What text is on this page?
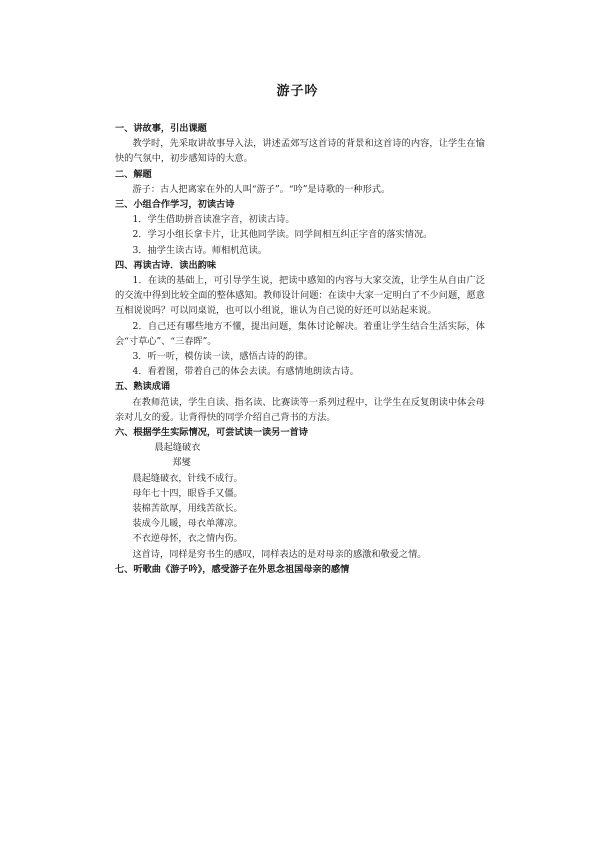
游子吟
一、讲故事，引出课题
教学时，先采取讲故事导入法，讲述孟郊写这首诗的背景和这首诗的内容，让学生在愉快的气氛中，初步感知诗的大意。
二、解题
游子：古人把离家在外的人叫“游子”。“吟”是诗歌的一种形式。
三、小组合作学习，初读古诗
1．学生借助拼音读准字音，初读古诗。
2．学习小组长拿卡片，让其他同学读。同学间相互纠正字音的落实情况。
3．抽学生读古诗。师相机范读。
四、再读古诗．读出韵味
1．在读的基础上，可引导学生说，把读中感知的内容与大家交流，让学生从自由广泛的交流中得到比较全面的整体感知。教师设计问题：在读中大家一定明白了不少问题，愿意互相说说吗？可以同桌说，也可以小组说，谁认为自己说的好还可以站起来说。
2．自己还有哪些地方不懂，提出问题，集体讨论解决。着重让学生结合生活实际，体会“寸草心”、“三春晖”。
3．听一听，模仿读一读，感悟古诗的韵律。
4．看着图，带着自己的体会去读。有感情地朗读古诗。
五、熟读成诵
在教师范读，学生自读、指名读、比赛读等一系列过程中，让学生在反复朗读中体会母亲对儿女的爱。让背得快的同学介绍自己背书的方法。
六、根据学生实际情况，可尝试读一读另一首诗
晨起缝破衣
郑燮
晨起缝破衣，针线不成行。
母年七十四，眼昏手又僵。
装棉苦欲厚，用线苦欲长。
装成今儿暖，母衣单薄凉。
不衣逆母怀，衣之情内伤。
这首诗，同样是穷书生的感叹，同样表达的是对母亲的感激和敬爱之情。
七、听歌曲《游子吟》，感受游子在外思念祖国母亲的感情
